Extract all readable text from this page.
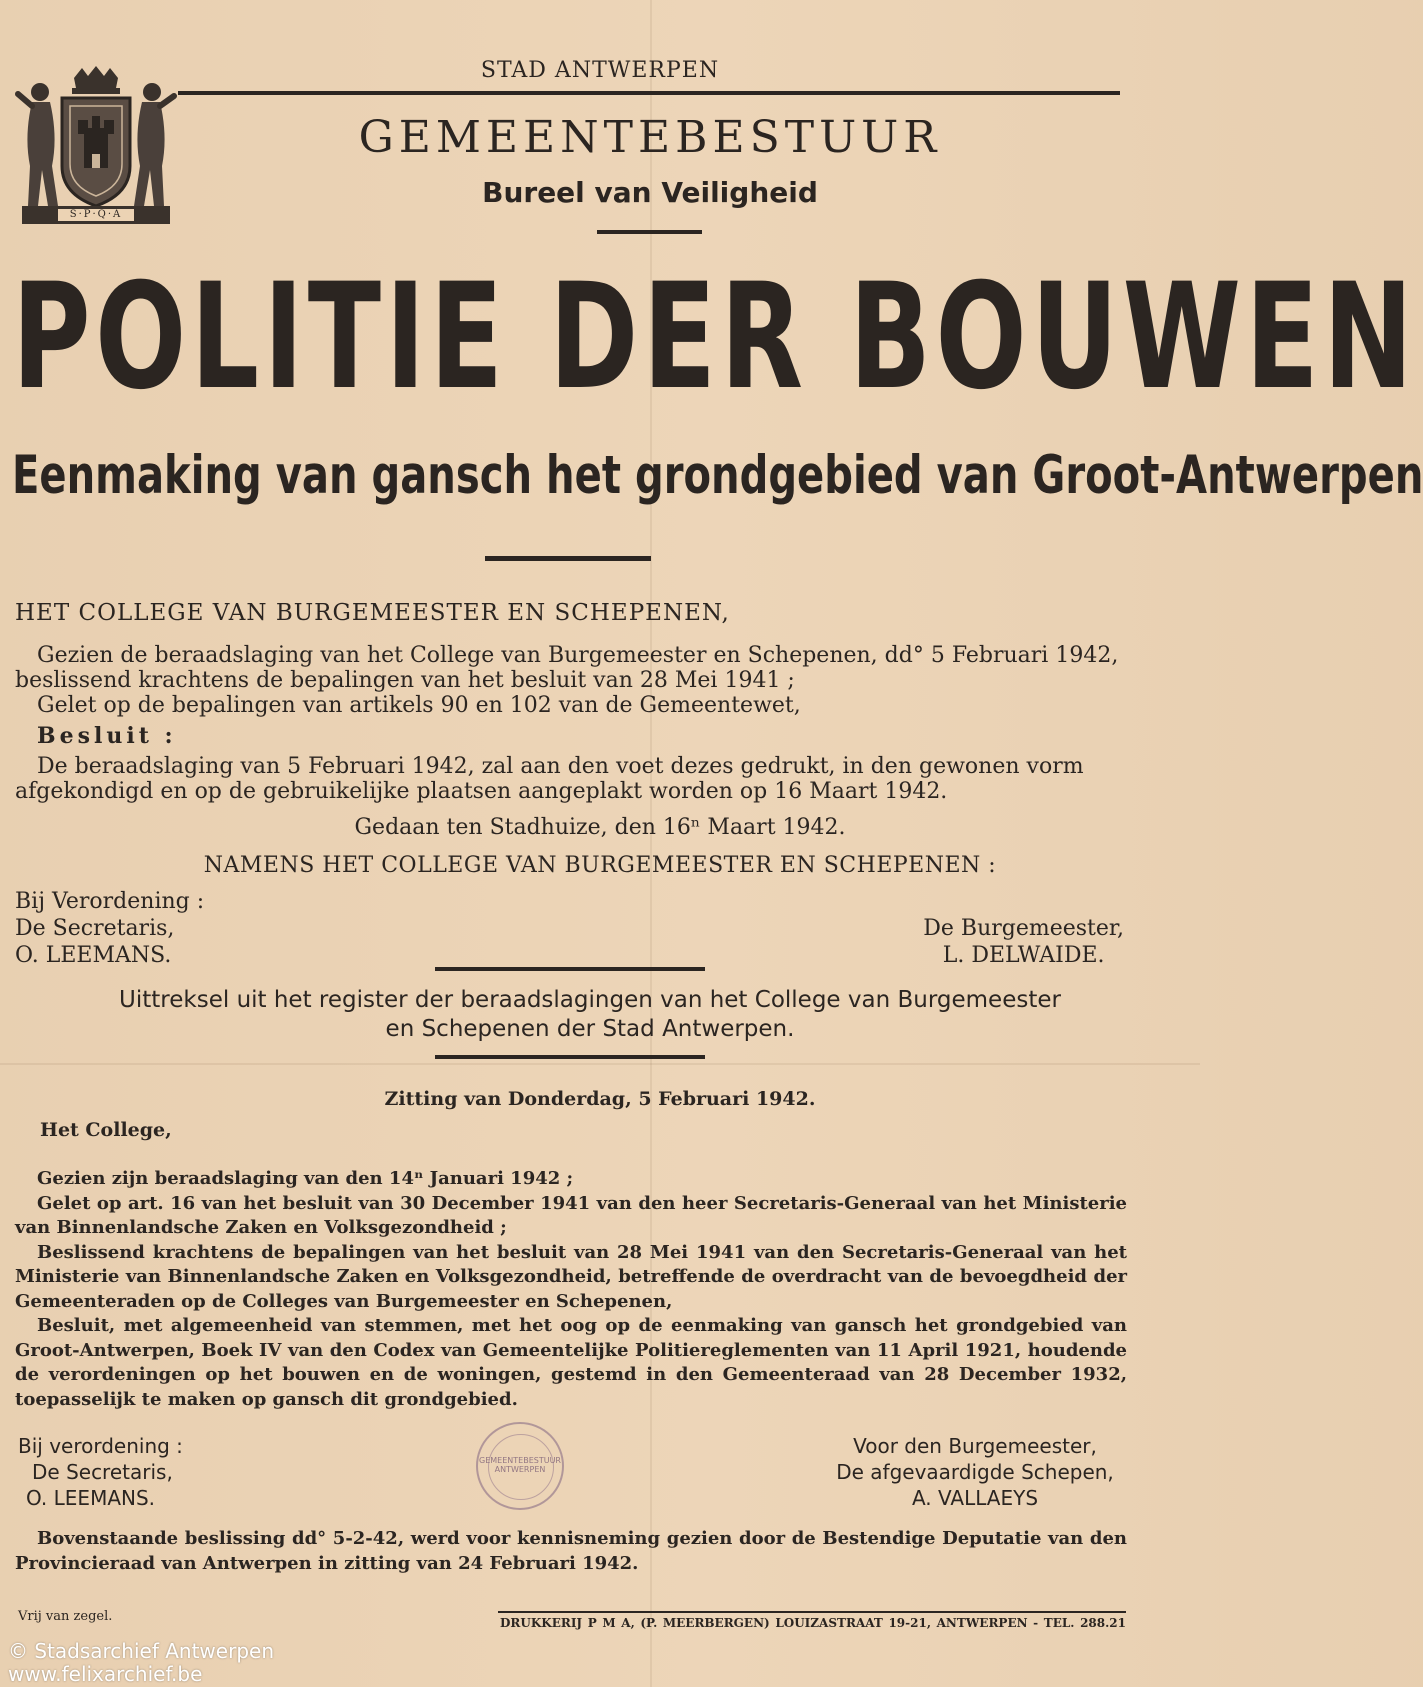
S·P·Q·A
STAD ANTWERPEN
GEMEENTEBESTUUR
Bureel van Veiligheid
POLITIE DER BOUWEN
Eenmaking van gansch het grondgebied van Groot-Antwerpen
HET COLLEGE VAN BURGEMEESTER EN SCHEPENEN,
Gezien de beraadslaging van het College van Burgemeester en Schepenen, dd° 5 Februari 1942,
beslissend krachtens de bepalingen van het besluit van 28 Mei 1941 ;
Gelet op de bepalingen van artikels 90 en 102 van de Gemeentewet,
Besluit :
De beraadslaging van 5 Februari 1942, zal aan den voet dezes gedrukt, in den gewonen vorm
afgekondigd en op de gebruikelijke plaatsen aangeplakt worden op 16 Maart 1942.
Gedaan ten Stadhuize, den 16ⁿ Maart 1942.
NAMENS HET COLLEGE VAN BURGEMEESTER EN SCHEPENEN :
Bij Verordening :
De Secretaris,
O. LEEMANS.
De Burgemeester,
L. DELWAIDE.
Uittreksel uit het register der beraadslagingen van het College van Burgemeester
en Schepenen der Stad Antwerpen.
Zitting van Donderdag, 5 Februari 1942.
Het College,
Gezien zijn beraadslaging van den 14ⁿ Januari 1942 ;
Gelet op art. 16 van het besluit van 30 December 1941 van den heer Secretaris-Generaal van het Ministerie van Binnenlandsche Zaken en Volksgezondheid ;
Beslissend krachtens de bepalingen van het besluit van 28 Mei 1941 van den Secretaris-Generaal van het Ministerie van Binnenlandsche Zaken en Volksgezondheid, betreffende de overdracht van de bevoegdheid der Gemeenteraden op de Colleges van Burgemeester en Schepenen,
Besluit, met algemeenheid van stemmen, met het oog op de eenmaking van gansch het grondgebied van Groot-Antwerpen, Boek IV van den Codex van Gemeentelijke Politiereglementen van 11 April 1921, houdende de verordeningen op het bouwen en de woningen, gestemd in den Gemeenteraad van 28 December 1932, toepasselijk te maken op gansch dit grondgebied.
Bij verordening :
De Secretaris,
O. LEEMANS.
GEMEENTEBESTUUR ANTWERPEN
Voor den Burgemeester,
De afgevaardigde Schepen,
A. VALLAEYS
Bovenstaande beslissing dd° 5-2-42, werd voor kennisneming gezien door de Bestendige Deputatie van den Provincieraad van Antwerpen in zitting van 24 Februari 1942.
Vrij van zegel.	DRUKKERIJ P M A, (P. MEERBERGEN) LOUIZASTRAAT 19-21, ANTWERPEN - TEL. 288.21
© Stadsarchief Antwerpen
www.felixarchief.be
